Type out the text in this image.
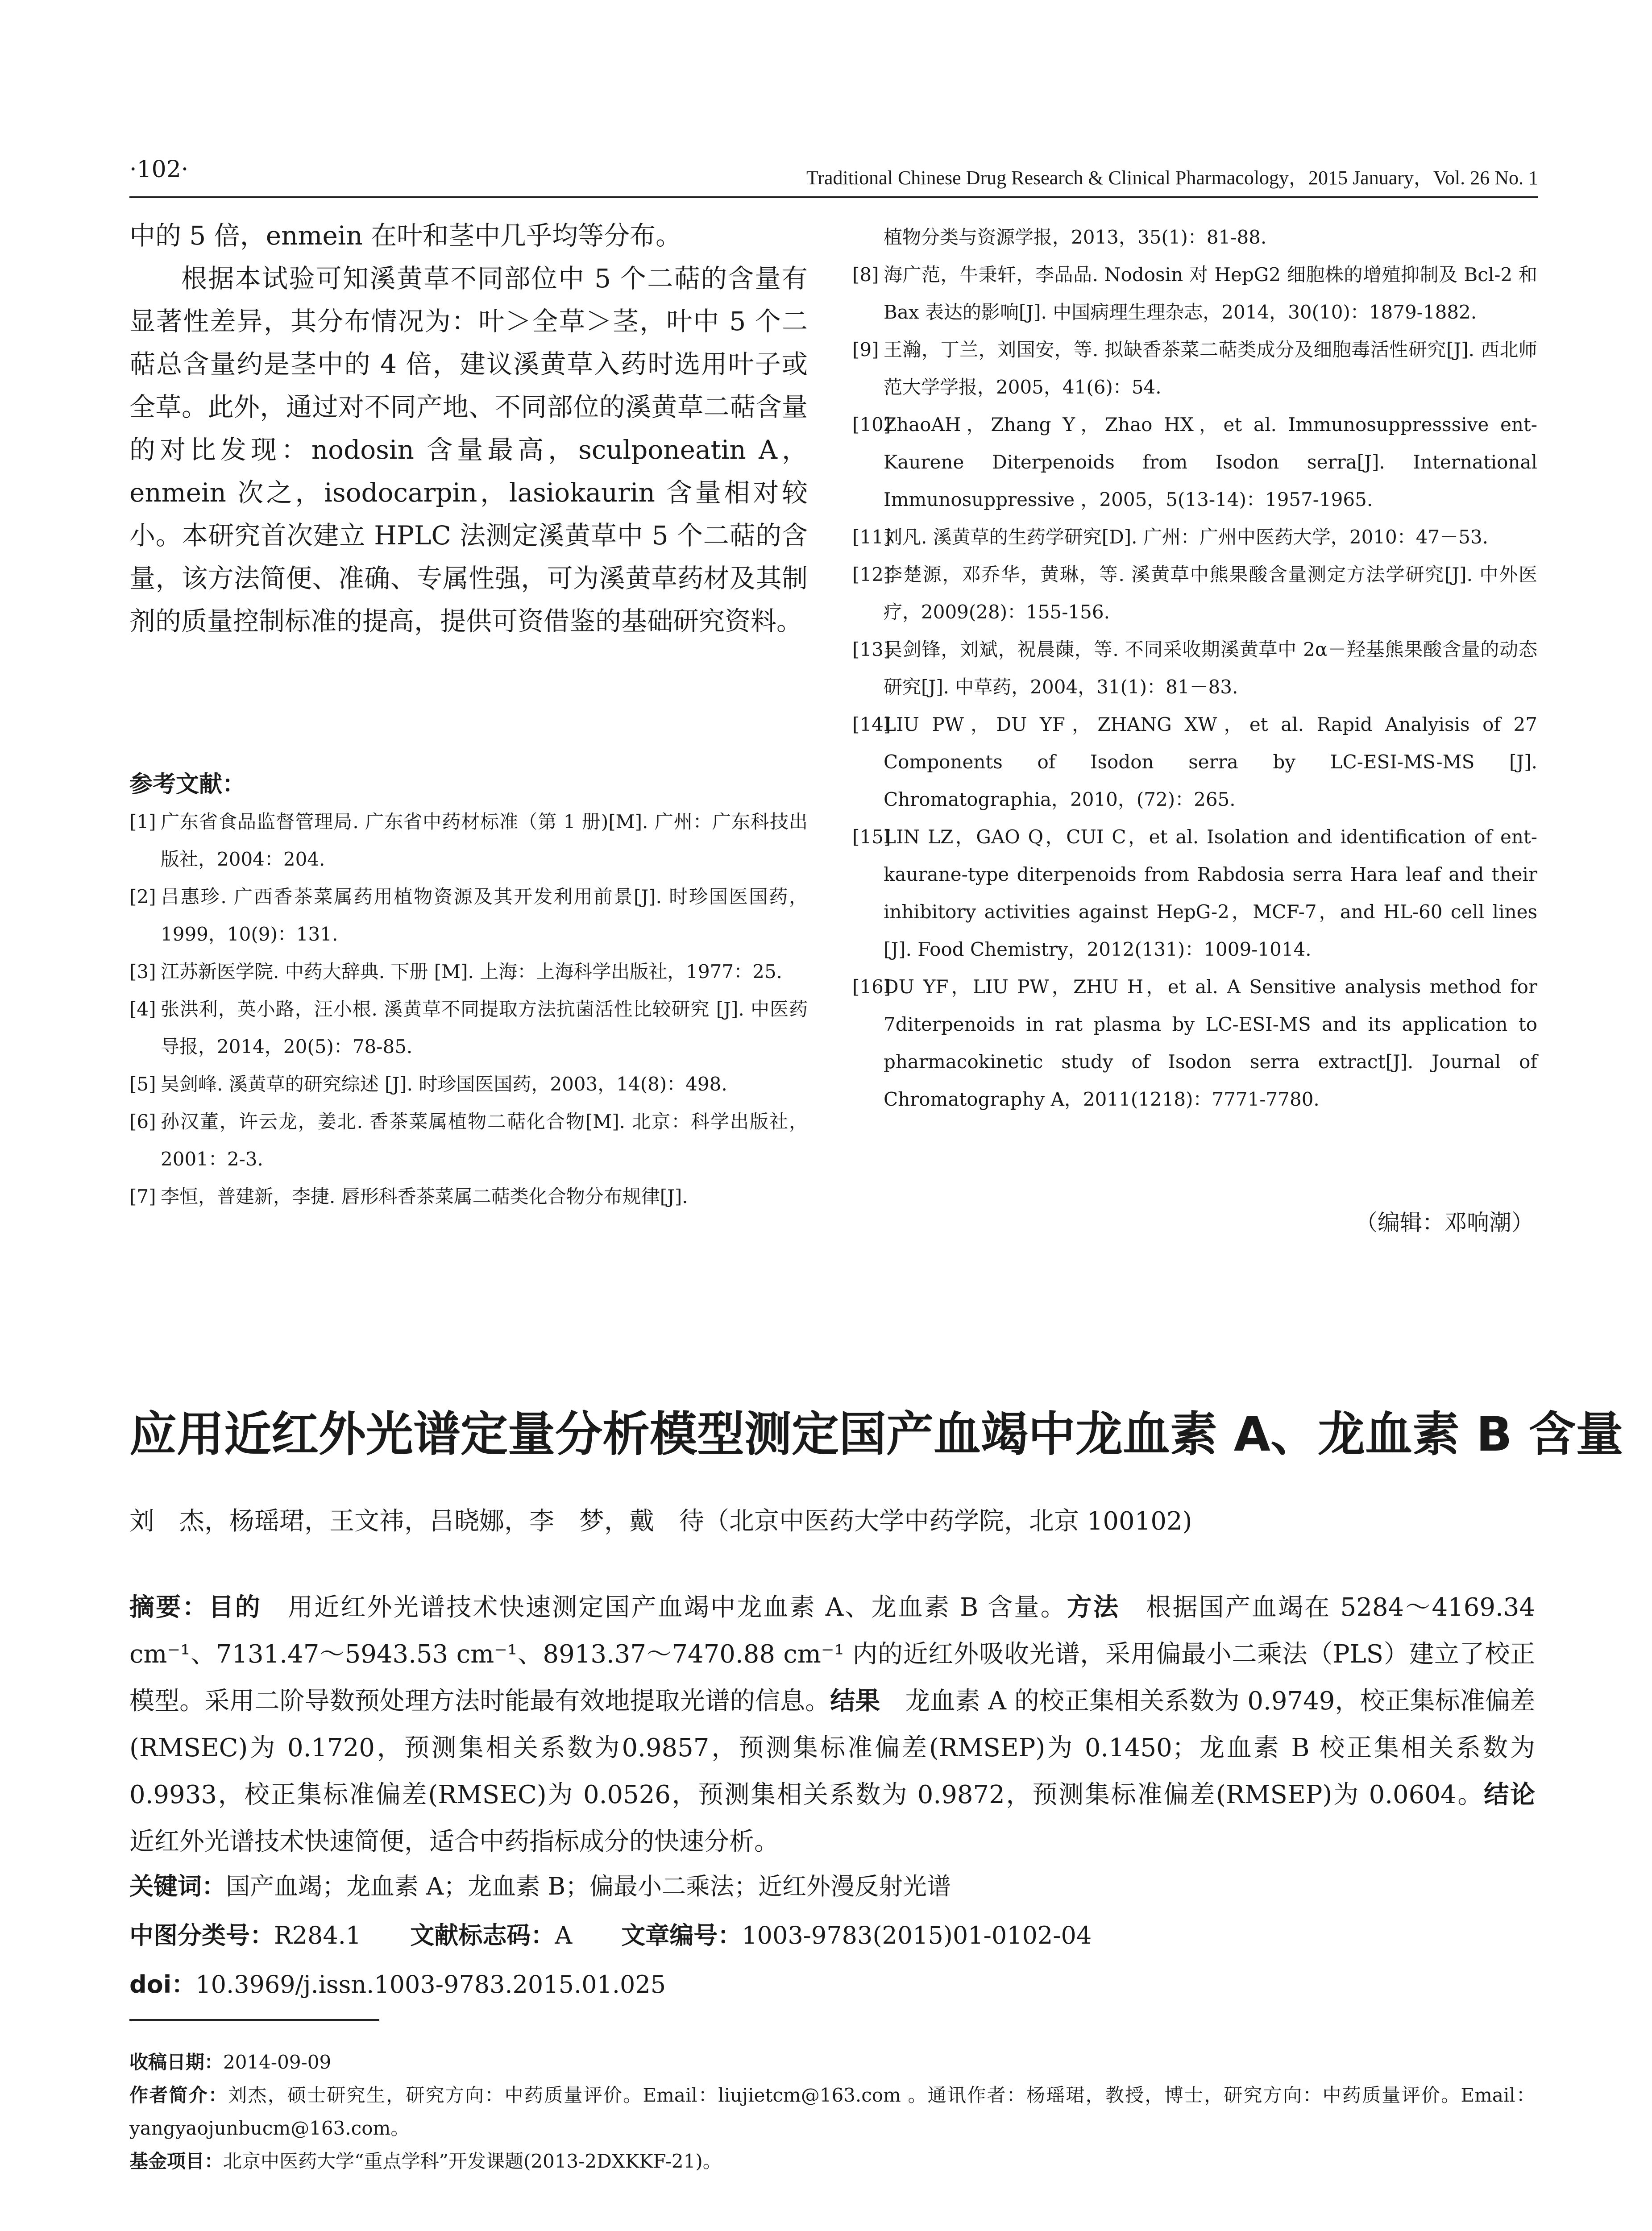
·102·	Traditional Chinese Drug Research & Clinical Pharmacology，2015 January，Vol. 26 No. 1

中的 5 倍，enmein 在叶和茎中几乎均等分布。

根据本试验可知溪黄草不同部位中 5 个二萜的含量有显著性差异，其分布情况为：叶＞全草＞茎，叶中 5 个二萜总含量约是茎中的 4 倍，建议溪黄草入药时选用叶子或全草。此外，通过对不同产地、不同部位的溪黄草二萜含量的对比发现：nodosin 含量最高，sculponeatin A，enmein 次之，isodocarpin，lasiokaurin 含量相对较小。本研究首次建立 HPLC 法测定溪黄草中 5 个二萜的含量，该方法简便、准确、专属性强，可为溪黄草药材及其制剂的质量控制标准的提高，提供可资借鉴的基础研究资料。

参考文献：

[1] 广东省食品监督管理局. 广东省中药材标准（第 1 册)[M]. 广州：广东科技出版社，2004：204.

[2] 吕惠珍. 广西香茶菜属药用植物资源及其开发利用前景[J]. 时珍国医国药，1999，10(9)：131.

[3] 江苏新医学院. 中药大辞典. 下册 [M]. 上海：上海科学出版社，1977：25.

[4] 张洪利，英小路，汪小根. 溪黄草不同提取方法抗菌活性比较研究 [J]. 中医药导报，2014，20(5)：78-85.

[5] 吴剑峰. 溪黄草的研究综述 [J]. 时珍国医国药，2003，14(8)：498.

[6] 孙汉董，许云龙，姜北. 香茶菜属植物二萜化合物[M]. 北京：科学出版社，2001：2-3.

[7] 李恒，普建新，李捷. 唇形科香茶菜属二萜类化合物分布规律[J].

植物分类与资源学报，2013，35(1)：81-88.

[8] 海广范，牛秉轩，李品品. Nodosin 对 HepG2 细胞株的增殖抑制及 Bcl-2 和 Bax 表达的影响[J]. 中国病理生理杂志，2014，30(10)：1879-1882.

[9] 王瀚，丁兰，刘国安，等. 拟缺香茶菜二萜类成分及细胞毒活性研究[J]. 西北师范大学学报，2005，41(6)：54.

[10]
ZhaoAH，Zhang Y，Zhao HX，et al. Immunosuppresssive ent-Kaurene Diterpenoids from Isodon serra[J]. International Immunosuppressive ，2005，5(13-14)：1957-1965.

[11]
刘凡. 溪黄草的生药学研究[D]. 广州：广州中医药大学，2010：47－53.

[12]
李楚源，邓乔华，黄琳，等. 溪黄草中熊果酸含量测定方法学研究[J]. 中外医疗，2009(28)：155-156.

[13]
吴剑锋，刘斌，祝晨蔯，等. 不同采收期溪黄草中 2α－羟基熊果酸含量的动态研究[J]. 中草药，2004，31(1)：81－83.

[14]
LIU PW，DU YF，ZHANG XW，et al. Rapid Analyisis of 27 Components of Isodon serra by LC-ESI-MS-MS [J]. Chromatographia，2010，(72)：265.

[15]
LIN LZ，GAO Q，CUI C，et al. Isolation and identification of ent-kaurane-type diterpenoids from Rabdosia serra Hara leaf and their inhibitory activities against HepG-2，MCF-7，and HL-60 cell lines [J]. Food Chemistry，2012(131)：1009-1014.

[16]
DU YF，LIU PW，ZHU H，et al. A Sensitive analysis method for 7diterpenoids in rat plasma by LC-ESI-MS and its application to pharmacokinetic study of Isodon serra extract[J]. Journal of Chromatography A，2011(1218)：7771-7780.

（编辑：邓响潮）
应用近红外光谱定量分析模型测定国产血竭中龙血素 A、龙血素 B 含量
刘　杰，杨瑶珺，王文祎，吕晓娜，李　梦，戴　待（北京中医药大学中药学院，北京 100102)
摘要：目的　 用近红外光谱技术快速测定国产血竭中龙血素 A、龙血素 B 含量。方法　 根据国产血竭在 5284～4169.34 cm⁻¹、7131.47～5943.53 cm⁻¹、8913.37～7470.88 cm⁻¹ 内的近红外吸收光谱，采用偏最小二乘法（PLS）建立了校正模型。采用二阶导数预处理方法时能最有效地提取光谱的信息。结果　 龙血素 A 的校正集相关系数为 0.9749，校正集标准偏差(RMSEC)为 0.1720，预测集相关系数为0.9857，预测集标准偏差(RMSEP)为 0.1450；龙血素 B 校正集相关系数为 0.9933，校正集标准偏差(RMSEC)为 0.0526，预测集相关系数为 0.9872，预测集标准偏差(RMSEP)为 0.0604。结论　近红外光谱技术快速简便，适合中药指标成分的快速分析。
关键词：国产血竭；龙血素 A；龙血素 B；偏最小二乘法；近红外漫反射光谱
中图分类号：R284.1 文献标志码：A 文章编号：1003-9783(2015)01-0102-04
doi：10.3969/j.issn.1003-9783.2015.01.025

收稿日期：2014-09-09

作者简介：刘杰，硕士研究生，研究方向：中药质量评价。Email：liujietcm@163.com 。通讯作者：杨瑶珺，教授，博士，研究方向：中药质量评价。Email：yangyaojunbucm@163.com。

基金项目：北京中医药大学“重点学科”开发课题(2013-2DXKKF-21)。
